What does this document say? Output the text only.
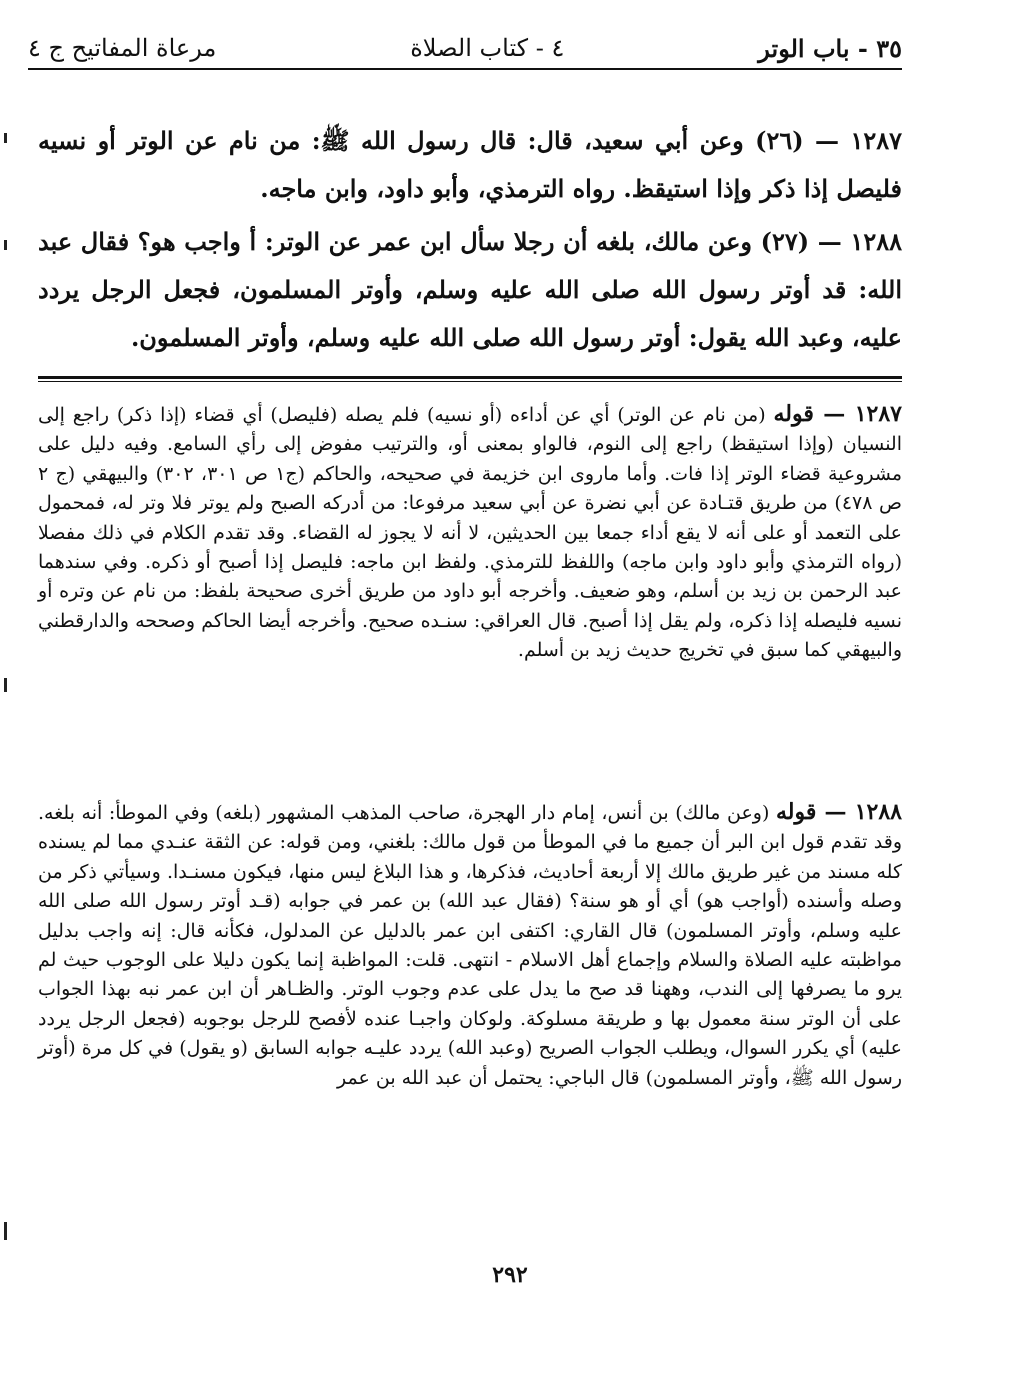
٣٥ - باب الوتر
٤ - كتاب الصلاة
مرعاة المفاتيح ج ٤
١٢٨٧ — (٢٦) وعن أبي سعيد، قال: قال رسول الله ﷺ: من نام عن الوتر أو نسيه فليصل إذا ذكر وإذا استيقظ. رواه الترمذي، وأبو داود، وابن ماجه.
١٢٨٨ — (٢٧) وعن مالك، بلغه أن رجلا سأل ابن عمر عن الوتر: أ واجب هو؟ فقال عبد الله: قد أوتر رسول الله صلى الله عليه وسلم، وأوتر المسلمون، فجعل الرجل يردد عليه، وعبد الله يقول: أوتر رسول الله صلى الله عليه وسلم، وأوتر المسلمون.
١٢٨٧ — قوله (من نام عن الوتر) أي عن أداءه (أو نسيه) فلم يصله (فليصل) أي قضاء (إذا ذكر) راجع إلى النسيان (وإذا استيقظ) راجع إلى النوم، فالواو بمعنى أو، والترتيب مفوض إلى رأي السامع. وفيه دليل على مشروعية قضاء الوتر إذا فات. وأما ماروى ابن خزيمة في صحيحه، والحاكم (ج١ ص ٣٠١، ٣٠٢) والبيهقي (ج ٢ ص ٤٧٨) من طريق قتـادة عن أبي نضرة عن أبي سعيد مرفوعا: من أدركه الصبح ولم يوتر فلا وتر له، فمحمول على التعمد أو على أنه لا يقع أداء جمعا بين الحديثين، لا أنه لا يجوز له القضاء. وقد تقدم الكلام في ذلك مفصلا (رواه الترمذي وأبو داود وابن ماجه) واللفظ للترمذي. ولفظ ابن ماجه: فليصل إذا أصبح أو ذكره. وفي سندهما عبد الرحمن بن زيد بن أسلم، وهو ضعيف. وأخرجه أبو داود من طريق أخرى صحيحة بلفظ: من نام عن وتره أو نسيه فليصله إذا ذكره، ولم يقل إذا أصبح. قال العراقي: سنـده صحيح. وأخرجه أيضا الحاكم وصححه والدارقطني والبيهقي كما سبق في تخريج حديث زيد بن أسلم.
١٢٨٨ — قوله (وعن مالك) بن أنس، إمام دار الهجرة، صاحب المذهب المشهور (بلغه) وفي الموطأ: أنه بلغه. وقد تقدم قول ابن البر أن جميع ما في الموطأ من قول مالك: بلغني، ومن قوله: عن الثقة عنـدي مما لم يسنده كله مسند من غير طريق مالك إلا أربعة أحاديث، فذكرها، و هذا البلاغ ليس منها، فيكون مسنـدا. وسيأتي ذكر من وصله وأسنده (أواجب هو) أي أو هو سنة؟ (فقال عبد الله) بن عمر في جوابه (قـد أوتر رسول الله صلى الله عليه وسلم، وأوتر المسلمون) قال القاري: اكتفى ابن عمر بالدليل عن المدلول، فكأنه قال: إنه واجب بدليل مواظبته عليه الصلاة والسلام وإجماع أهل الاسلام - انتهى. قلت: المواظبة إنما يكون دليلا على الوجوب حيث لم يرو ما يصرفها إلى الندب، وههنا قد صح ما يدل على عدم وجوب الوتر. والظـاهر أن ابن عمر نبه بهذا الجواب على أن الوتر سنة معمول بها و طريقة مسلوكة. ولوكان واجبـا عنده لأفصح للرجل بوجوبه (فجعل الرجل يردد عليه) أي يكرر السوال، ويطلب الجواب الصريح (وعبد الله) يردد عليـه جوابه السابق (و يقول) في كل مرة (أوتر رسول الله ﷺ، وأوتر المسلمون) قال الباجي: يحتمل أن عبد الله بن عمر
٢٩٢
